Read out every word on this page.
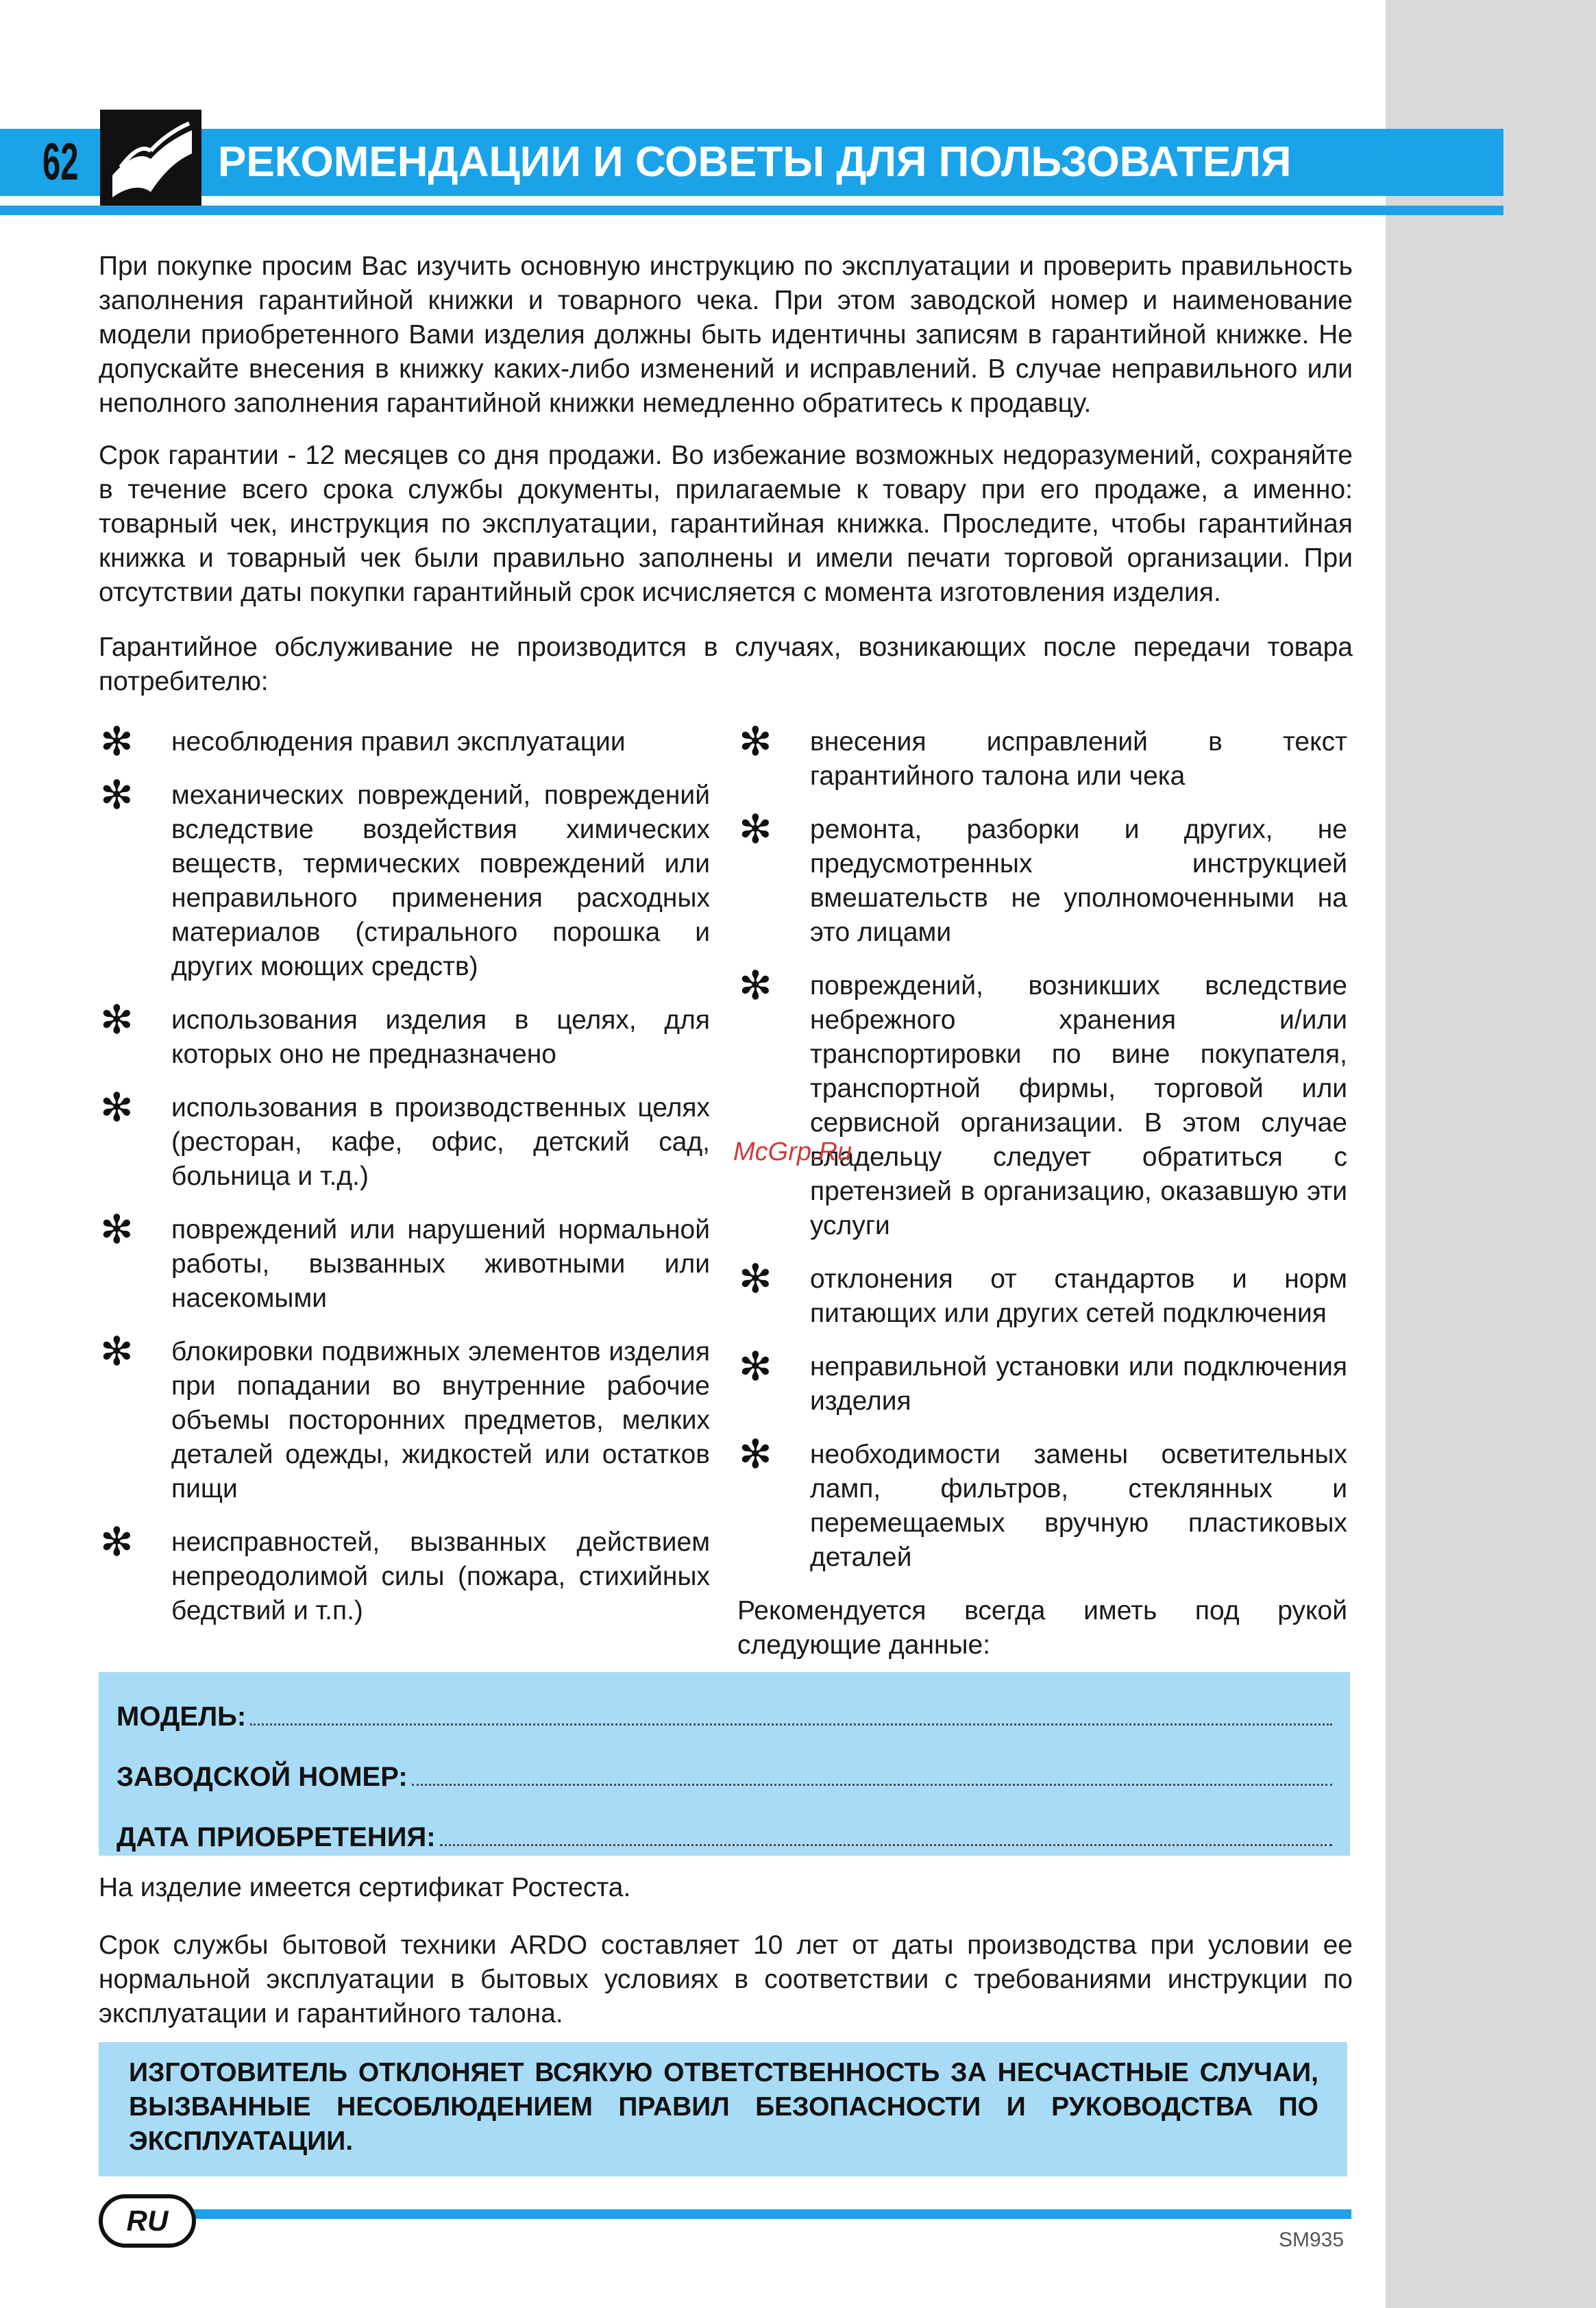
62	РЕКОМЕНДАЦИИ И СОВЕТЫ ДЛЯ ПОЛЬЗОВАТЕЛЯ

При покупке просим Вас изучить основную инструкцию по эксплуатации и проверить правильность заполнения гарантийной книжки и товарного чека. При этом заводской номер и наименование модели приобретенного Вами изделия должны быть идентичны записям в гарантийной книжке. Не допускайте внесения в книжку каких-либо изменений и исправлений. В случае неправильного или неполного заполнения гарантийной книжки немедленно обратитесь к продавцу.

Срок гарантии - 12 месяцев со дня продажи. Во избежание возможных недоразумений, сохраняйте в течение всего срока службы документы, прилагаемые к товару при его продаже, а именно: товарный чек, инструкция по эксплуатации, гарантийная книжка. Проследите, чтобы гарантийная книжка и товарный чек были правильно заполнены и имели печати торговой организации. При отсутствии даты покупки гарантийный срок исчисляется с момента изготовления изделия.

Гарантийное обслуживание не производится в случаях, возникающих после передачи товара потребителю:

✻ несоблюдения правил эксплуатации
✻ механических повреждений, повреждений вследствие воздействия химических веществ, термических повреждений или неправильного применения расходных материалов (стирального порошка и других моющих средств)
✻ использования изделия в целях, для которых оно не предназначено
✻ использования в производственных целях (ресторан, кафе, офис, детский сад, больница и т.д.)
✻ повреждений или нарушений нормальной работы, вызванных животными или насекомыми
✻ блокировки подвижных элементов изделия при попадании во внутренние рабочие объемы посторонних предметов, мелких деталей одежды, жидкостей или остатков пищи
✻ неисправностей, вызванных действием непреодолимой силы (пожара, стихийных бедствий и т.п.)
✻ внесения исправлений в текст гарантийного талона или чека
✻ ремонта, разборки и других, не предусмотренных инструкцией вмешательств не уполномоченными на это лицами
✻ повреждений, возникших вследствие небрежного хранения и/или транспортировки по вине покупателя, транспортной фирмы, торговой или сервисной организации. В этом случае владельцу следует обратиться с претензией в организацию, оказавшую эти услуги
✻ отклонения от стандартов и норм питающих или других сетей подключения
✻ неправильной установки или подключения изделия
✻ необходимости замены осветительных ламп, фильтров, стеклянных и перемещаемых вручную пластиковых деталей
Рекомендуется всегда иметь под рукой следующие данные:
McGrp.Ru
МОДЕЛЬ:
ЗАВОДСКОЙ НОМЕР:
ДАТА ПРИОБРЕТЕНИЯ:

На изделие имеется сертификат Ростеста.

Срок службы бытовой техники ARDO составляет 10 лет от даты производства при условии ее нормальной эксплуатации в бытовых условиях в соответствии с требованиями инструкции по эксплуатации и гарантийного талона.

ИЗГОТОВИТЕЛЬ ОТКЛОНЯЕТ ВСЯКУЮ ОТВЕТСТВЕННОСТЬ ЗА НЕСЧАСТНЫЕ СЛУЧАИ, ВЫЗВАННЫЕ НЕСОБЛЮДЕНИЕМ ПРАВИЛ БЕЗОПАСНОСТИ И РУКОВОДСТВА ПО ЭКСПЛУАТАЦИИ.

RU
SM935
